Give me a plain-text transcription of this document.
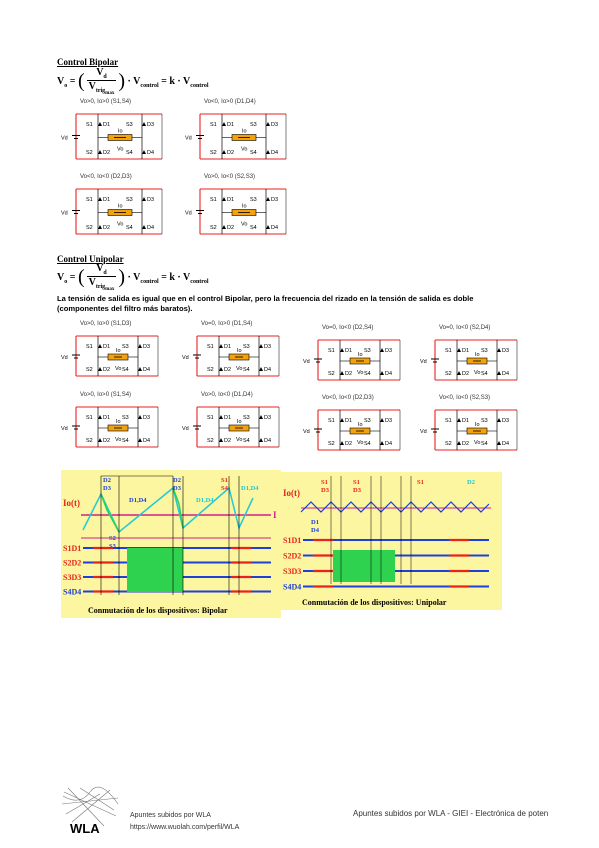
Control Bipolar
$V_o$ = ( $\frac{V_d}{V_{trig_{max}}}$ ) · $V_{control} = k \cdot V_{control}$
Vo>0, Io>0 (S1,S4)
Vd
Io
Vo
S1 D1	S3	D3
S2 D2	S4	D4
Vo<0, Io>0 (D1,D4)
Vd
Io
Vo
S1 D1	S3	D3
S2 D2	S4	D4
Vo<0, Io<0 (D2,D3)
Vd
Io
Vo
S1 D1	S3	D3
S2 D2	S4	D4
Vo>0, Io<0 (S2,S3)
Vd
Io
Vo
S1 D1	S3	D3
S2 D2	S4	D4
Control Unipolar
$V_o$ = ( $\frac{V_d}{V_{trig_{max}}}$ ) · $V_{control} = k \cdot V_{control}$
La tensión de salida es igual que en el control Bipolar, pero la frecuencia del rizado en la tensión de salida es doble (componentes del filtro más baratos).
Vo>0, Io>0 (S1,D3)
Vd
Io
Vo
S1 D1 S3	D3
S2 D2 S4	D4
Vo=0, Io>0 (D1,S4)
Vd
Io
Vo
S1 D1 S3	D3
S2 D2 S4	D4
Vo>0, Io>0 (S1,S4)
Vd
Io
Vo
S1 D1 S3	D3
S2 D2 S4	D4
Vo>0, Io<0 (D1,D4)
Vd
Io
Vo
S1 D1 S3	D3
S2 D2 S4	D4
Vo=0, Io<0 (D2,S4)
Vd
Io
Vo
S1 D1 S3	D3
S2 D2 S4	D4
Vo=0, Io<0 (S2,D4)
Vd
Io
Vo
S1 D1 S3	D3
S2 D2 S4	D4
Vo<0, Io<0 (D2,D3)
Vd
Io
Vo
S1 D1 S3	D3
S2 D2 S4	D4
Vo<0, Io<0 (S2,S3)
Vd
Io
Vo
S1 D1 S3	D3
S2 D2 S4	D4
Io(t)
I
S1D1
S2D2
S3D3
S4D4
D2
D3
D1,D4
S2
S3
D1,D4
D2
D3	D1,D4
S1
S4
Conmutación de los dispositivos: Bipolar
Io(t)
S1D1
S2D2
S3D3
S4D4
S1
D3
S1
D3
S1	D2
D1
D4
Conmutación de los dispositivos: Unipolar
WLA
Apuntes subidos por WLA
https://www.wuolah.com/perfil/WLA
Apuntes subidos por WLA - GIEI - Electrónica de poten
